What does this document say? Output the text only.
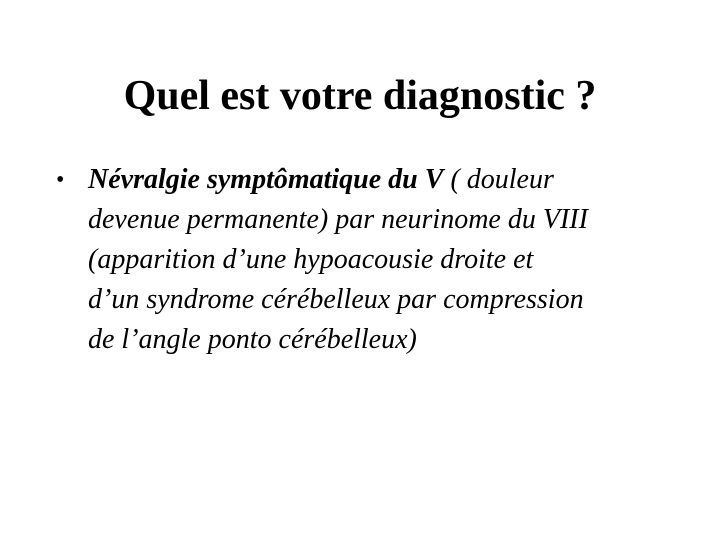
Quel est votre diagnostic ?
• Névralgie symptômatique du V ( douleur
devenue permanente) par neurinome du VIII
(apparition d’une hypoacousie droite et
d’un syndrome cérébelleux par compression
de l’angle ponto cérébelleux)
